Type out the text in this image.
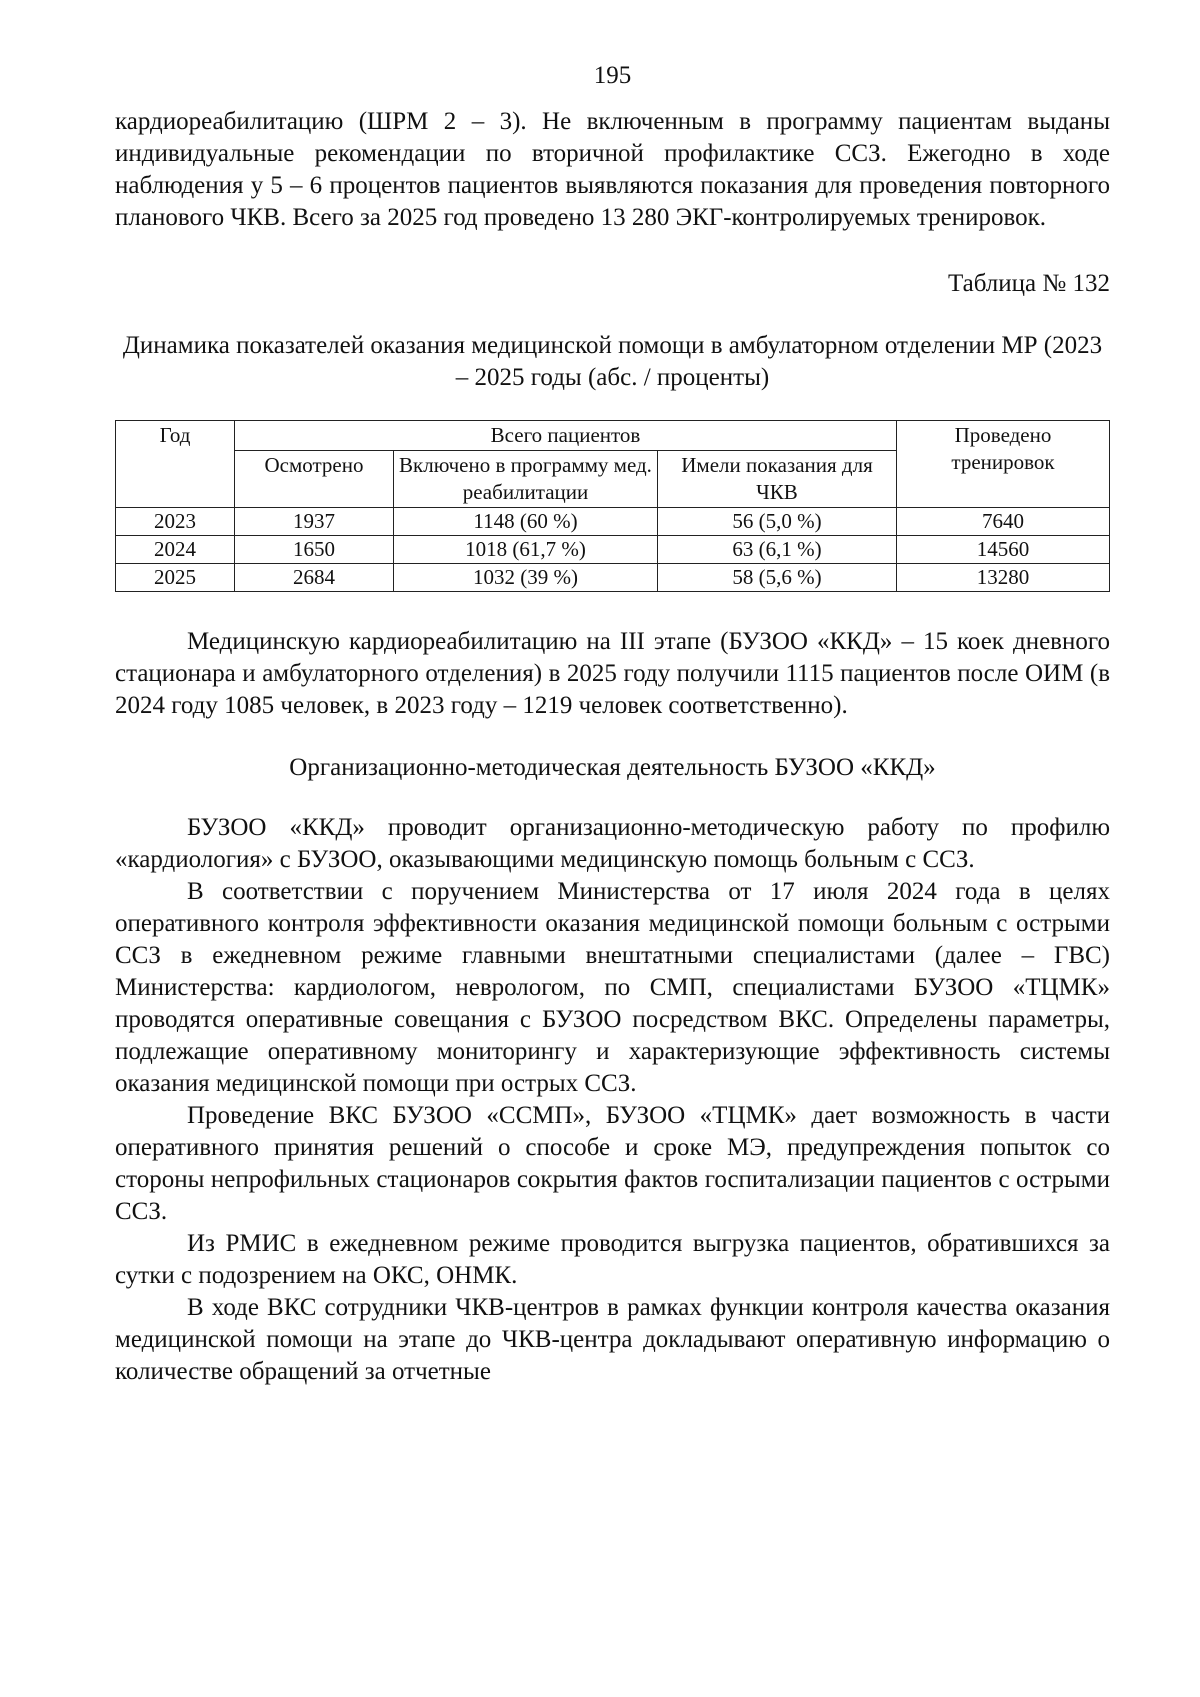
195

кардиореабилитацию (ШРМ 2 – 3). Не включенным в программу пациентам выданы индивидуальные рекомендации по вторичной профилактике ССЗ. Ежегодно в ходе наблюдения у 5 – 6 процентов пациентов выявляются показания для проведения повторного планового ЧКВ. Всего за 2025 год проведено 13 280 ЭКГ-контролируемых тренировок.

Таблица № 132
Динамика показателей оказания медицинской помощи в амбулаторном отделении МР (2023 – 2025 годы (абс. / проценты)
Год	Всего пациентов			Проведено тренировок
	Осмотрено	Включено в программу мед. реабилитации	Имели показания для ЧКВ	
2023	1937	1148 (60 %)	56 (5,0 %)	7640
2024	1650	1018 (61,7 %)	63 (6,1 %)	14560
2025	2684	1032 (39 %)	58 (5,6 %)	13280

Медицинскую кардиореабилитацию на III этапе (БУЗОО «ККД» – 15 коек дневного стационара и амбулаторного отделения) в 2025 году получили 1115 пациентов после ОИМ (в 2024 году 1085 человек, в 2023 году – 1219 человек соответственно).

Организационно-методическая деятельность БУЗОО «ККД»

БУЗОО «ККД» проводит организационно-методическую работу по профилю «кардиология» с БУЗОО, оказывающими медицинскую помощь больным с ССЗ.

В соответствии с поручением Министерства от 17 июля 2024 года в целях оперативного контроля эффективности оказания медицинской помощи больным с острыми ССЗ в ежедневном режиме главными внештатными специалистами (далее – ГВС) Министерства: кардиологом, неврологом, по СМП, специалистами БУЗОО «ТЦМК» проводятся оперативные совещания с БУЗОО посредством ВКС. Определены параметры, подлежащие оперативному мониторингу и характеризующие эффективность системы оказания медицинской помощи при острых ССЗ.

Проведение ВКС БУЗОО «ССМП», БУЗОО «ТЦМК» дает возможность в части оперативного принятия решений о способе и сроке МЭ, предупреждения попыток со стороны непрофильных стационаров сокрытия фактов госпитализации пациентов с острыми ССЗ.

Из РМИС в ежедневном режиме проводится выгрузка пациентов, обратившихся за сутки с подозрением на ОКС, ОНМК.

В ходе ВКС сотрудники ЧКВ-центров в рамках функции контроля качества оказания медицинской помощи на этапе до ЧКВ-центра докладывают оперативную информацию о количестве обращений за отчетные
